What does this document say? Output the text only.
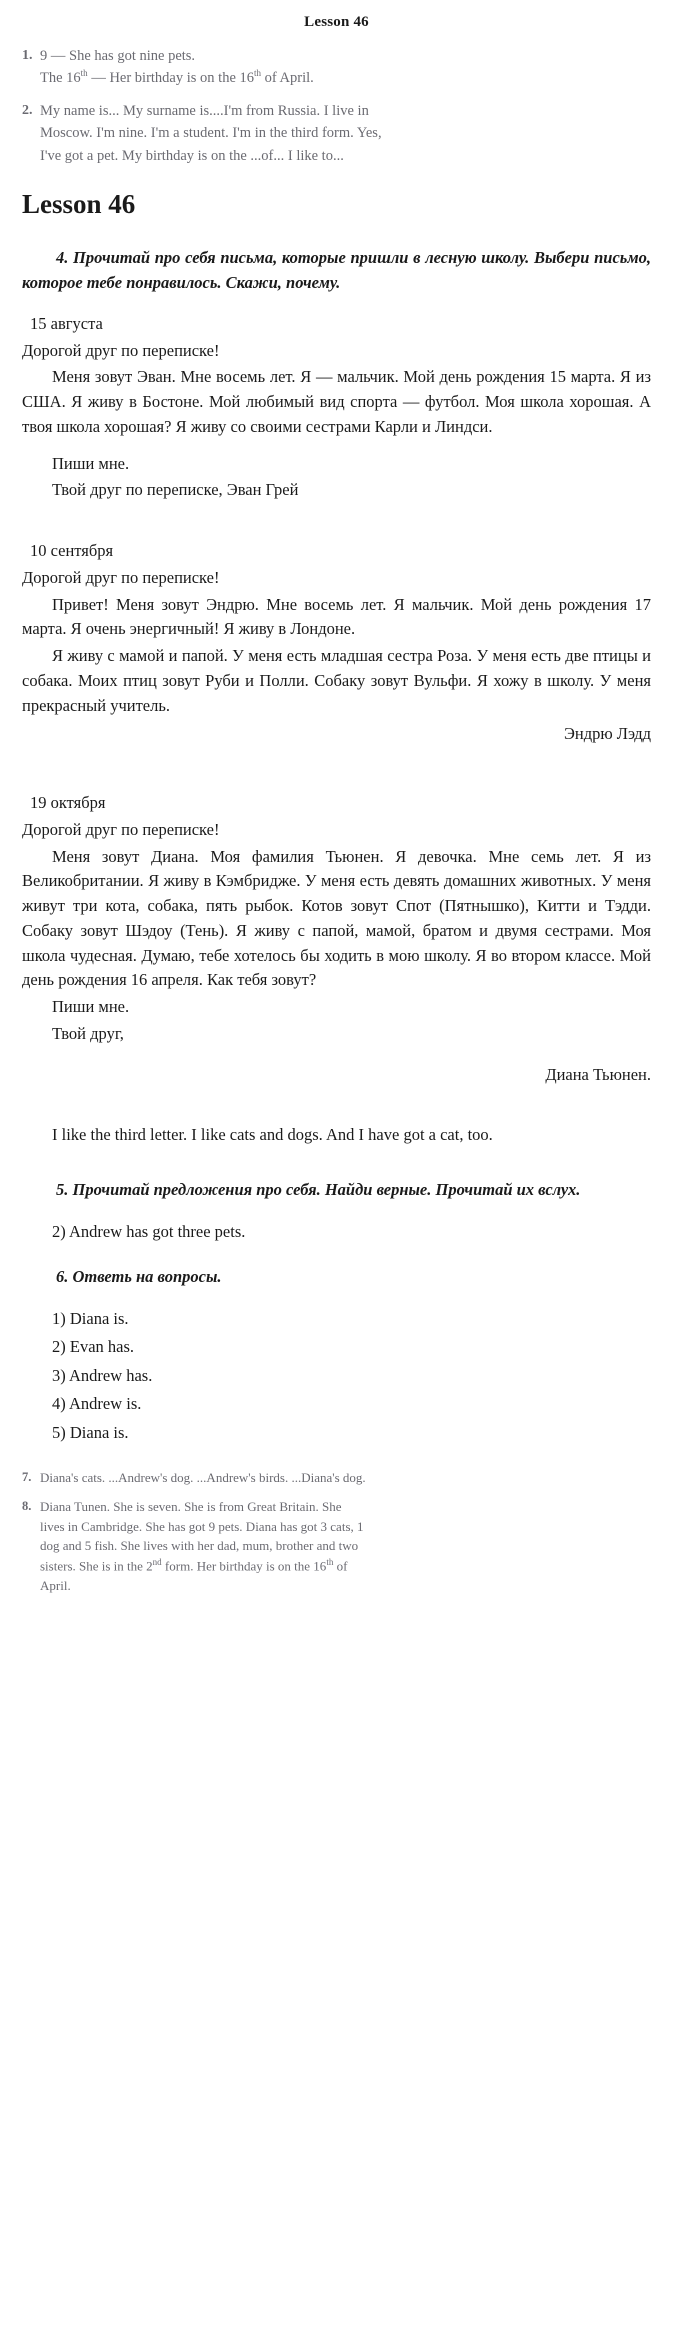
Lesson 46
1. 9 — She has got nine pets.
The 16th — Her birthday is on the 16th of April.
2. My name is... My surname is....I'm from Russia. I live in
Moscow. I'm nine. I'm a student. I'm in the third form. Yes,
I've got a pet. My birthday is on the ...of... I like to...
Lesson 46
4. Прочитай про себя письма, которые пришли в лесную школу. Выбери письмо, которое тебе понравилось. Скажи, почему.
15 августа
Дорогой друг по переписке!
Меня зовут Эван. Мне восемь лет. Я — мальчик. Мой день рождения 15 марта. Я из США. Я живу в Бостоне. Мой любимый вид спорта — футбол. Моя школа хорошая. А твоя школа хорошая? Я живу со своими сестрами Карли и Линдси.
Пиши мне.
Твой друг по переписке, Эван Грей
10 сентября
Дорогой друг по переписке!
Привет! Меня зовут Эндрю. Мне восемь лет. Я мальчик. Мой день рождения 17 марта. Я очень энергичный! Я живу в Лондоне.
Я живу с мамой и папой. У меня есть младшая сестра Роза. У меня есть две птицы и собака. Моих птиц зовут Руби и Полли. Собаку зовут Вульфи. Я хожу в школу. У меня прекрасный учитель.
Эндрю Лэдд
19 октября
Дорогой друг по переписке!
Меня зовут Диана. Моя фамилия Тьюнен. Я девочка. Мне семь лет. Я из Великобритании. Я живу в Кэмбридже. У меня есть девять домашних животных. У меня живут три кота, собака, пять рыбок. Котов зовут Спот (Пятнышко), Китти и Тэдди. Собаку зовут Шэдоу (Тень). Я живу с папой, мамой, братом и двумя сестрами. Моя школа чудесная. Думаю, тебе хотелось бы ходить в мою школу. Я во втором классе. Мой день рождения 16 апреля. Как тебя зовут?
Пиши мне.
Твой друг,
Диана Тьюнен.
I like the third letter. I like cats and dogs. And I have got a cat, too.
5. Прочитай предложения про себя. Найди верные. Прочитай их вслух.
2) Andrew has got three pets.
6. Ответь на вопросы.
1) Diana is.
2) Evan has.
3) Andrew has.
4) Andrew is.
5) Diana is.
7. Diana's cats. ...Andrew's dog. ...Andrew's birds. ...Diana's dog.
8. Diana Tunen. She is seven. She is from Great Britain. She
lives in Cambridge. She has got 9 pets. Diana has got 3 cats, 1
dog and 5 fish. She lives with her dad, mum, brother and two
sisters. She is in the 2nd form. Her birthday is on the 16th of
April.
